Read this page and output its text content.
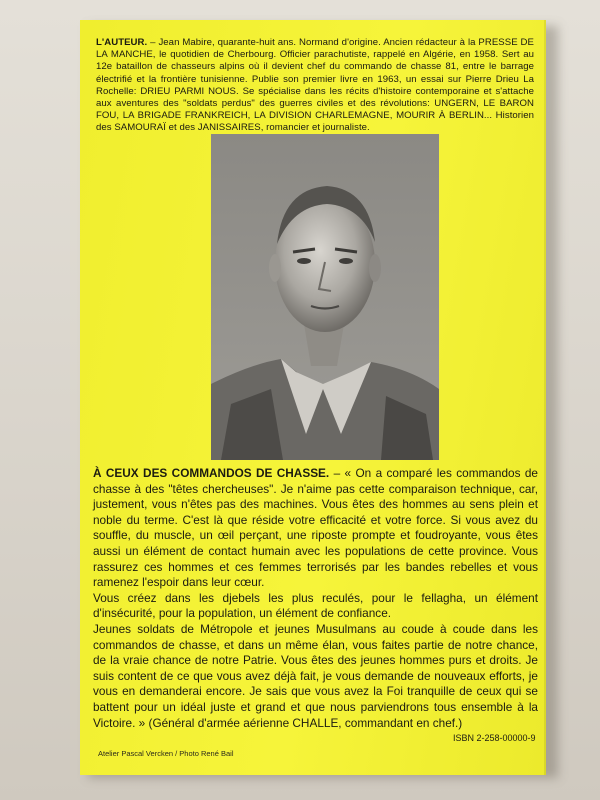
L'AUTEUR. – Jean Mabire, quarante-huit ans. Normand d'origine. Ancien rédacteur à la PRESSE DE LA MANCHE, le quotidien de Cherbourg. Officier parachutiste, rappelé en Algérie, en 1958. Sert au 12e bataillon de chasseurs alpins où il devient chef du commando de chasse 81, entre le barrage électrifié et la frontière tunisienne. Publie son premier livre en 1963, un essai sur Pierre Drieu La Rochelle: DRIEU PARMI NOUS. Se spécialise dans les récits d'histoire contemporaine et s'attache aux aventures des "soldats perdus" des guerres civiles et des révolutions: UNGERN, LE BARON FOU, LA BRIGADE FRANKREICH, LA DIVISION CHARLEMAGNE, MOURIR À BERLIN... Historien des SAMOURAÏ et des JANISSAIRES, romancier et journaliste.

À CEUX DES COMMANDOS DE CHASSE. – « On a comparé les commandos de chasse à des "têtes chercheuses". Je n'aime pas cette comparaison technique, car, justement, vous n'êtes pas des machines. Vous êtes des hommes au sens plein et noble du terme. C'est là que réside votre efficacité et votre force. Si vous avez du souffle, du muscle, un œil perçant, une riposte prompte et foudroyante, vous êtes aussi un élément de contact humain avec les populations de cette province. Vous rassurez ces hommes et ces femmes terrorisés par les bandes rebelles et vous ramenez l'espoir dans leur cœur.

Vous créez dans les djebels les plus reculés, pour le fellagha, un élément d'insécurité, pour la population, un élément de confiance.

Jeunes soldats de Métropole et jeunes Musulmans au coude à coude dans les commandos de chasse, et dans un même élan, vous faites partie de notre chance, de la vraie chance de notre Patrie. Vous êtes des jeunes hommes purs et droits. Je suis content de ce que vous avez déjà fait, je vous demande de nouveaux efforts, je vous en demanderai encore. Je sais que vous avez la Foi tranquille de ceux qui se battent pour un idéal juste et grand et que nous parviendrons tous ensemble à la Victoire. » (Général d'armée aérienne CHALLE, commandant en chef.)

ISBN 2-258-00000-9
Atelier Pascal Vercken / Photo René Bail
